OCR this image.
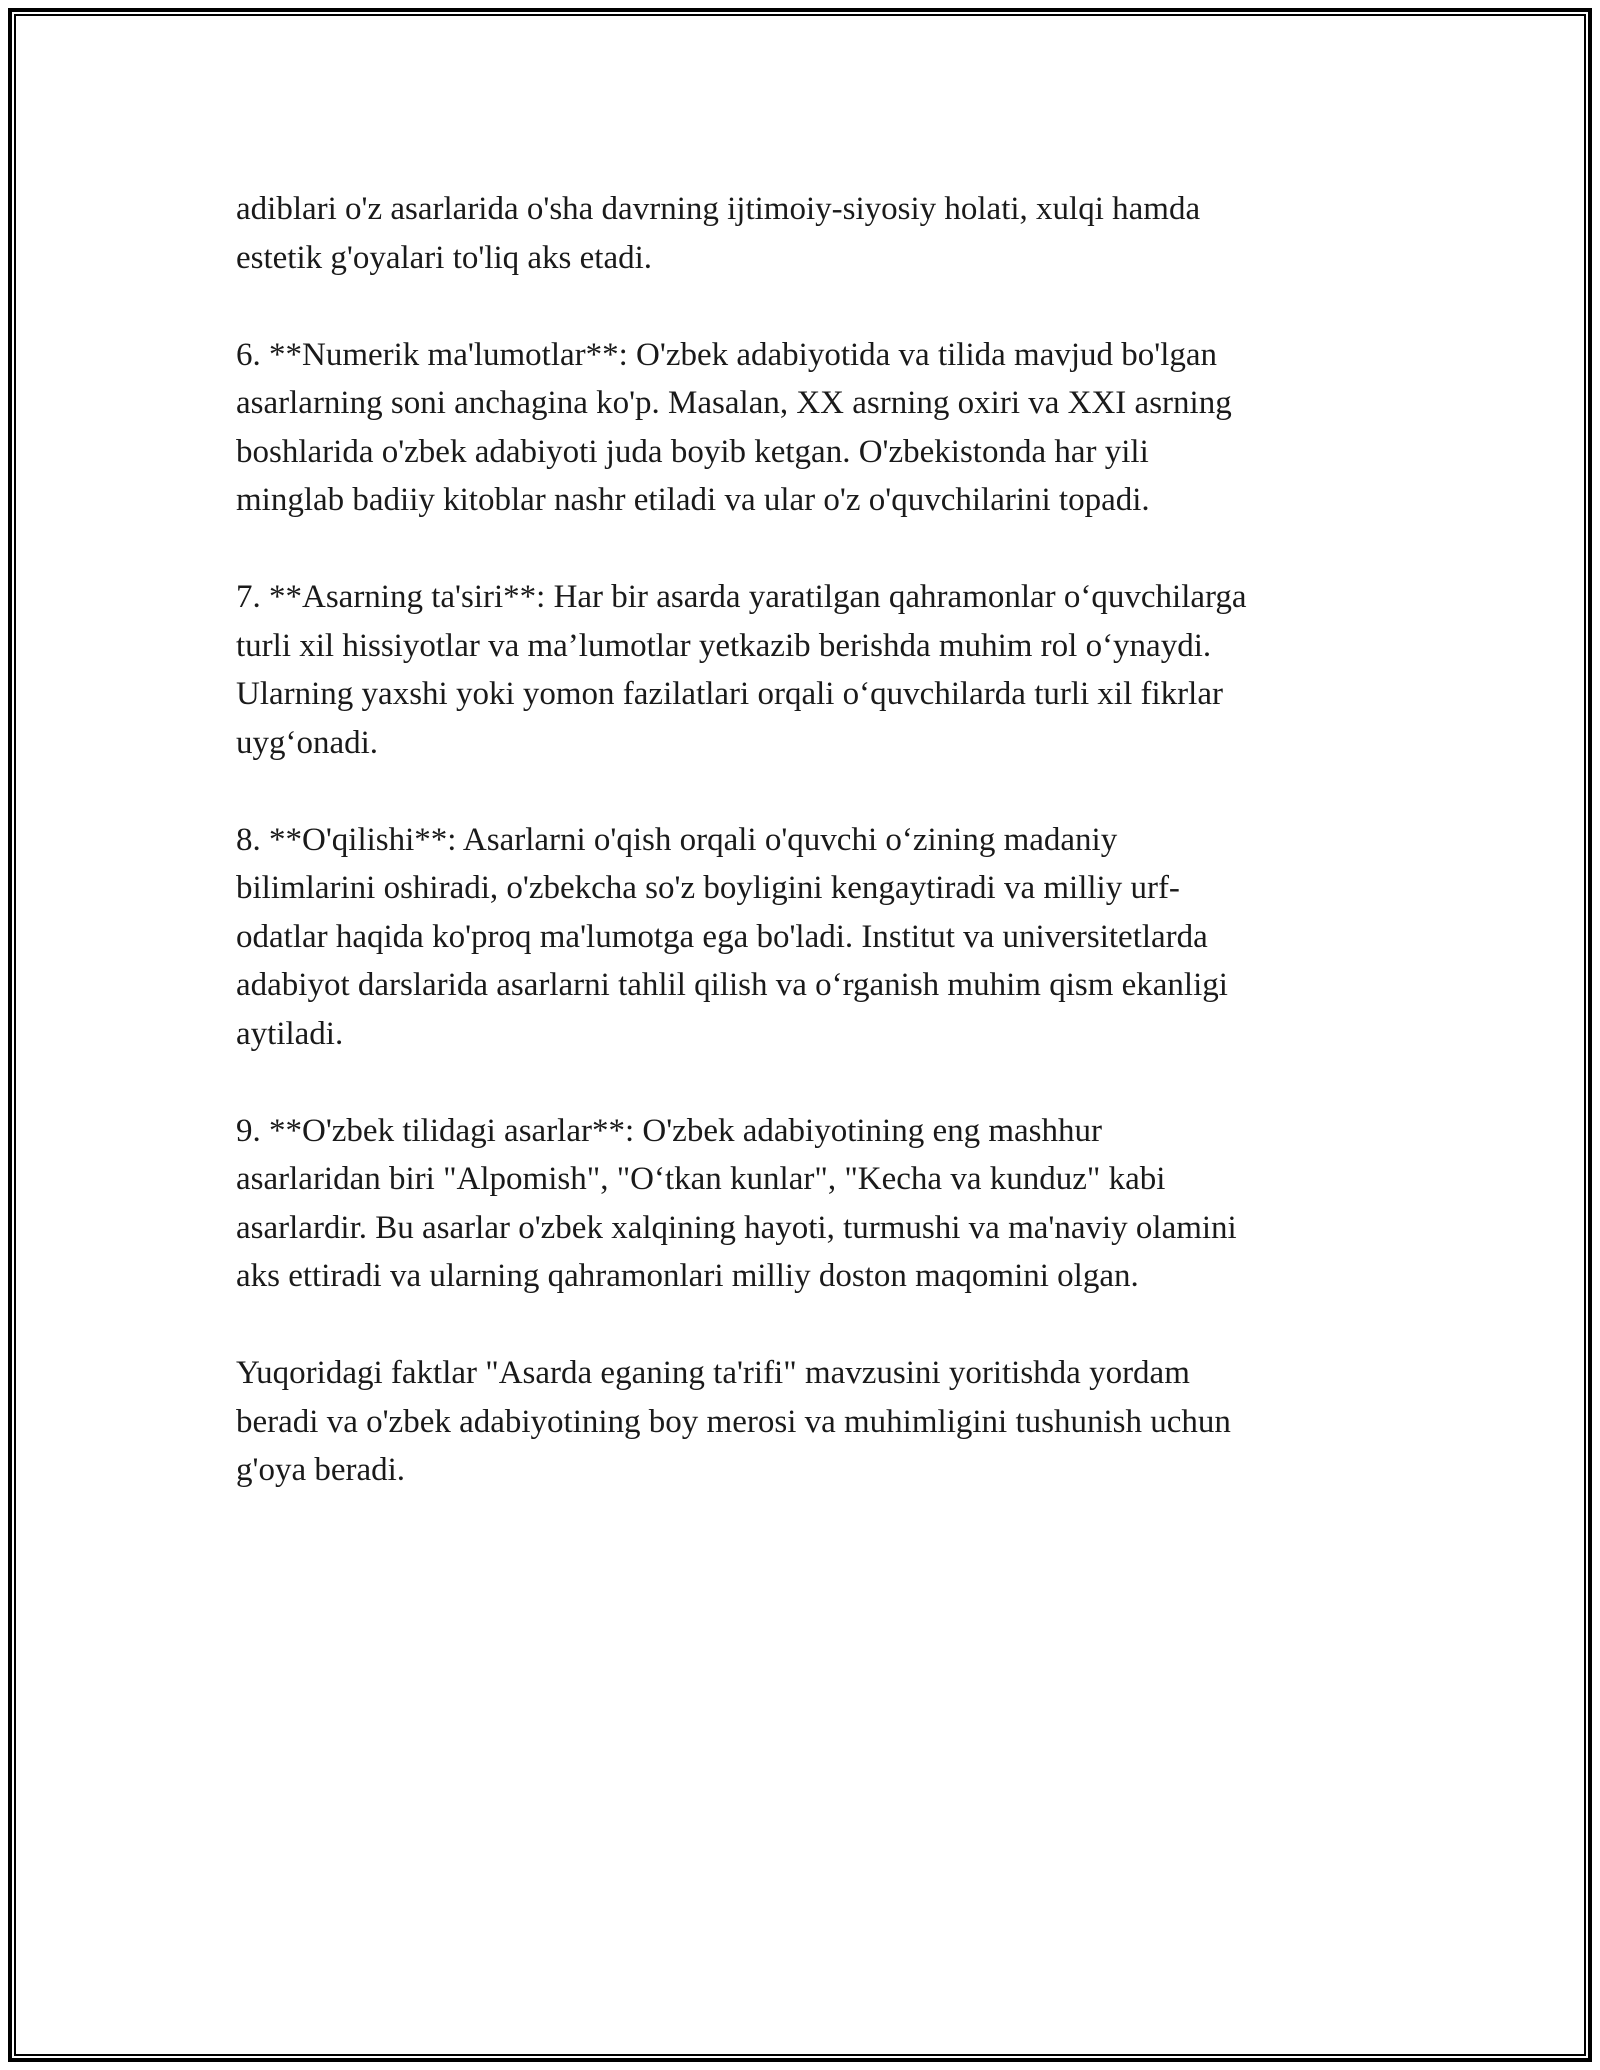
adiblari o'z asarlarida o'sha davrning ijtimoiy-siyosiy holati, xulqi hamda
estetik g'oyalari to'liq aks etadi.

6. **Numerik ma'lumotlar**: O'zbek adabiyotida va tilida mavjud bo'lgan
asarlarning soni anchagina ko'p. Masalan, XX asrning oxiri va XXI asrning
boshlarida o'zbek adabiyoti juda boyib ketgan. O'zbekistonda har yili
minglab badiiy kitoblar nashr etiladi va ular o'z o'quvchilarini topadi.

7. **Asarning ta'siri**: Har bir asarda yaratilgan qahramonlar o‘quvchilarga
turli xil hissiyotlar va ma’lumotlar yetkazib berishda muhim rol o‘ynaydi.
Ularning yaxshi yoki yomon fazilatlari orqali o‘quvchilarda turli xil fikrlar
uyg‘onadi.

8. **O'qilishi**: Asarlarni o'qish orqali o'quvchi o‘zining madaniy
bilimlarini oshiradi, o'zbekcha so'z boyligini kengaytiradi va milliy urf-
odatlar haqida ko'proq ma'lumotga ega bo'ladi. Institut va universitetlarda
adabiyot darslarida asarlarni tahlil qilish va o‘rganish muhim qism ekanligi
aytiladi.

9. **O'zbek tilidagi asarlar**: O'zbek adabiyotining eng mashhur
asarlaridan biri "Alpomish", "O‘tkan kunlar", "Kecha va kunduz" kabi
asarlardir. Bu asarlar o'zbek xalqining hayoti, turmushi va ma'naviy olamini
aks ettiradi va ularning qahramonlari milliy doston maqomini olgan.

Yuqoridagi faktlar "Asarda eganing ta'rifi" mavzusini yoritishda yordam
beradi va o'zbek adabiyotining boy merosi va muhimligini tushunish uchun
g'oya beradi.
